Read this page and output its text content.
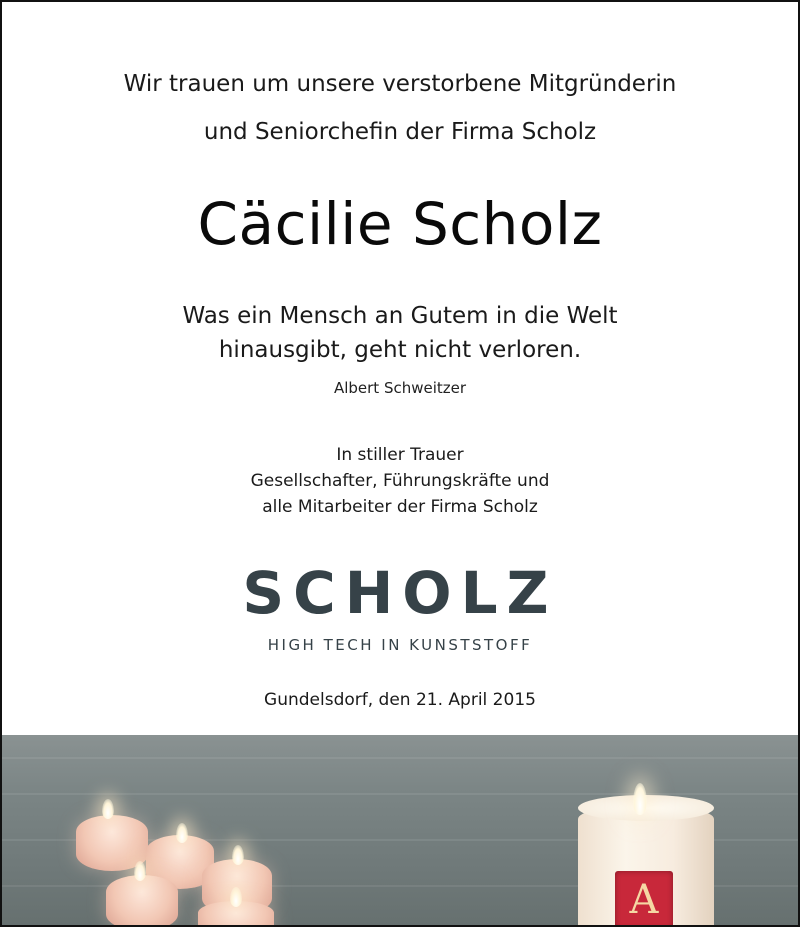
Wir trauen um unsere verstorbene Mitgründerin
und Seniorchefin der Firma Scholz
Cäcilie Scholz
Was ein Mensch an Gutem in die Welt
hinausgibt, geht nicht verloren.
Albert Schweitzer
In stiller Trauer
Gesellschafter, Führungskräfte und
alle Mitarbeiter der Firma Scholz
SCHOLZ
HIGH TECH IN KUNSTSTOFF
Gundelsdorf, den 21. April 2015
A
